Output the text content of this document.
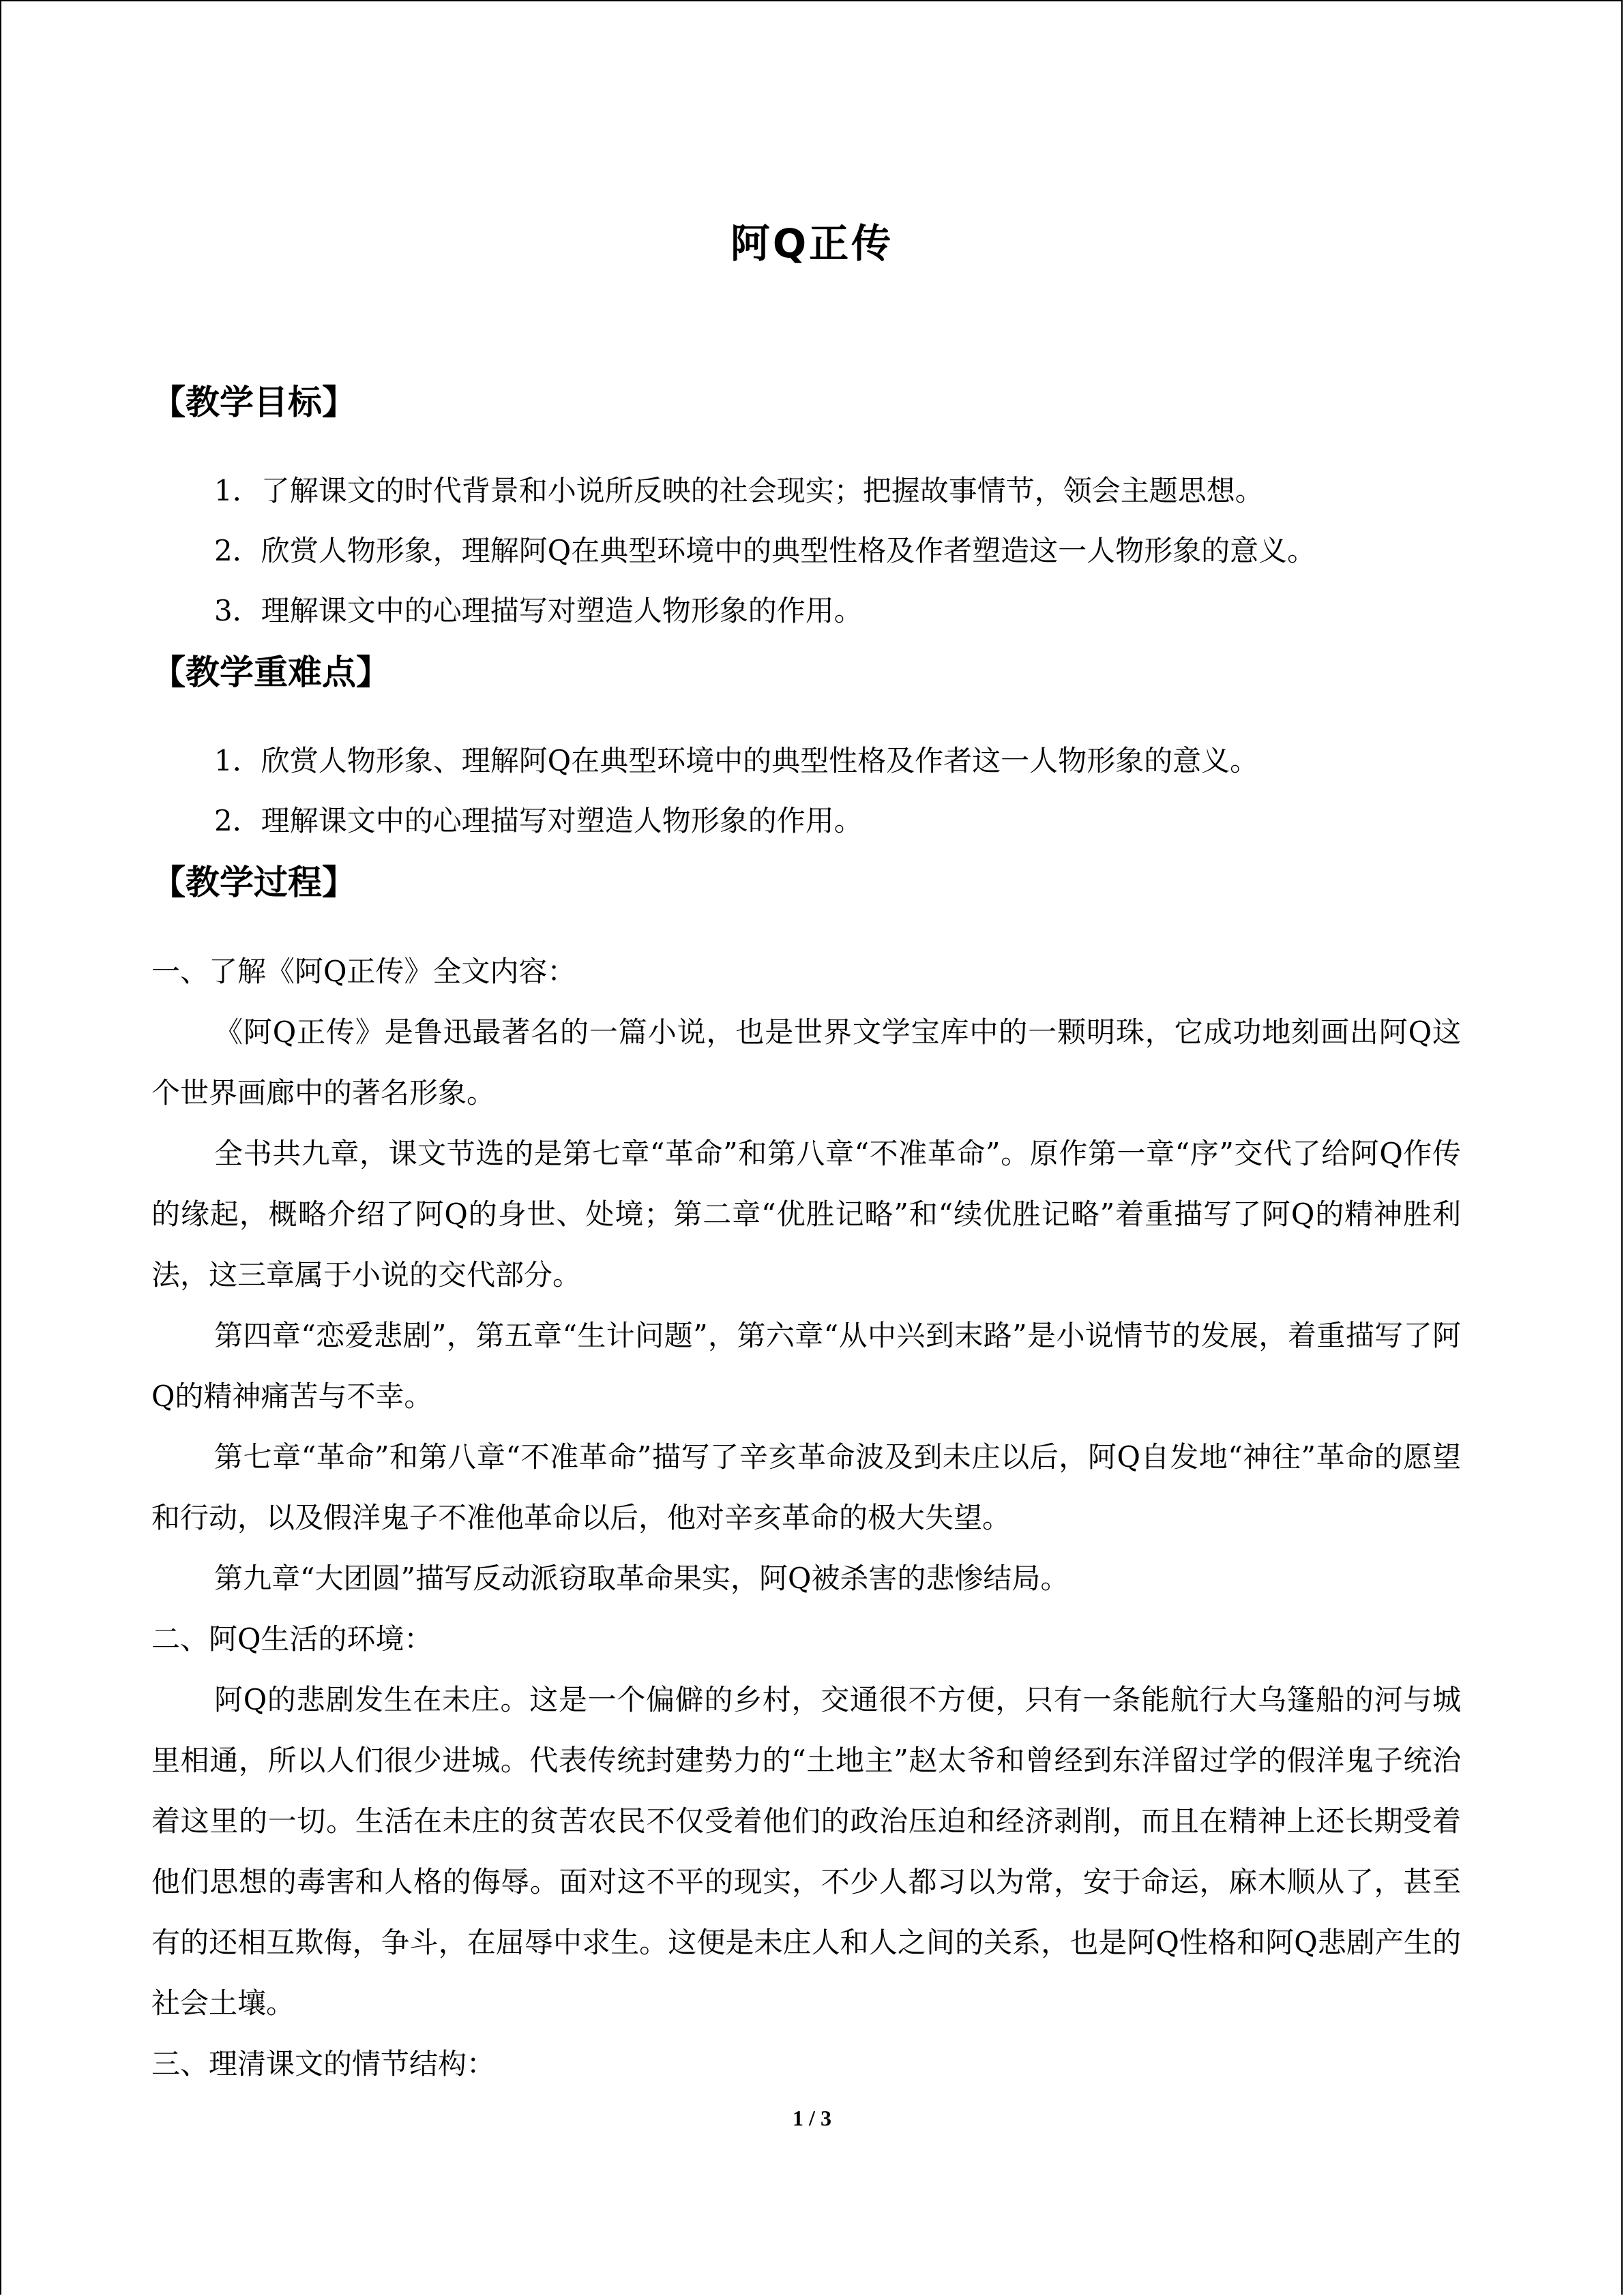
阿Q正传
【教学目标】

1．了解课文的时代背景和小说所反映的社会现实；把握故事情节，领会主题思想。

2．欣赏人物形象，理解阿Q在典型环境中的典型性格及作者塑造这一人物形象的意义。

3．理解课文中的心理描写对塑造人物形象的作用。

【教学重难点】

1．欣赏人物形象、理解阿Q在典型环境中的典型性格及作者这一人物形象的意义。

2．理解课文中的心理描写对塑造人物形象的作用。

【教学过程】

一、了解《阿Q正传》全文内容：

《阿Q正传》是鲁迅最著名的一篇小说，也是世界文学宝库中的一颗明珠，它成功地刻画出阿Q这个世界画廊中的著名形象。

全书共九章，课文节选的是第七章“革命”和第八章“不准革命”。原作第一章“序”交代了给阿Q作传的缘起，概略介绍了阿Q的身世、处境；第二章“优胜记略”和“续优胜记略”着重描写了阿Q的精神胜利法，这三章属于小说的交代部分。

第四章“恋爱悲剧”，第五章“生计问题”，第六章“从中兴到末路”是小说情节的发展，着重描写了阿Q的精神痛苦与不幸。

第七章“革命”和第八章“不准革命”描写了辛亥革命波及到未庄以后，阿Q自发地“神往”革命的愿望和行动，以及假洋鬼子不准他革命以后，他对辛亥革命的极大失望。

第九章“大团圆”描写反动派窃取革命果实，阿Q被杀害的悲惨结局。

二、阿Q生活的环境：

阿Q的悲剧发生在未庄。这是一个偏僻的乡村，交通很不方便，只有一条能航行大乌篷船的河与城里相通，所以人们很少进城。代表传统封建势力的“土地主”赵太爷和曾经到东洋留过学的假洋鬼子统治着这里的一切。生活在未庄的贫苦农民不仅受着他们的政治压迫和经济剥削，而且在精神上还长期受着他们思想的毒害和人格的侮辱。面对这不平的现实，不少人都习以为常，安于命运，麻木顺从了，甚至有的还相互欺侮，争斗，在屈辱中求生。这便是未庄人和人之间的关系，也是阿Q性格和阿Q悲剧产生的社会土壤。

三、理清课文的情节结构：

1 / 3
